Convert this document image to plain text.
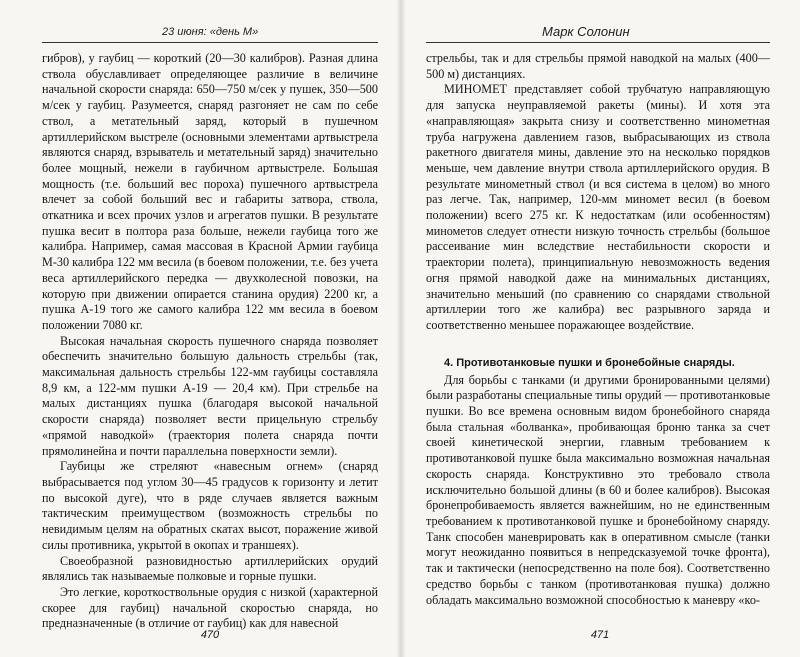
23 июня: «день М»

гибров), у гаубиц — короткий (20—30 калибров). Разная длина ствола обуславливает определяющее различие в величине начальной скорости снаряда: 650—750 м/сек у пушек, 350—500 м/сек у гаубиц. Разумеется, снаряд разгоняет не сам по себе ствол, а метательный заряд, который в пушечном артиллерийском выстреле (основными элементами артвыстрела являются снаряд, взрыватель и метательный заряд) значительно более мощный, нежели в гаубичном артвыстреле. Большая мощность (т.е. больший вес пороха) пушечного артвыстрела влечет за собой больший вес и габариты затвора, ствола, откатника и всех прочих узлов и агрегатов пушки. В результате пушка весит в полтора раза больше, нежели гаубица того же калибра. Например, самая массовая в Красной Армии гаубица М-30 калибра 122 мм весила (в боевом положении, т.е. без учета веса артиллерийского передка — двухколесной повозки, на которую при движении опирается станина орудия) 2200 кг, а пушка А-19 того же самого калибра 122 мм весила в боевом положении 7080 кг.

Высокая начальная скорость пушечного снаряда позволяет обеспечить значительно большую дальность стрельбы (так, максимальная дальность стрельбы 122-мм гаубицы составляла 8,9 км, а 122-мм пушки А-19 — 20,4 км). При стрельбе на малых дистанциях пушка (благодаря высокой начальной скорости снаряда) позволяет вести прицельную стрельбу «прямой наводкой» (траектория полета снаряда почти прямолинейна и почти параллельна поверхности земли).

Гаубицы же стреляют «навесным огнем» (снаряд выбрасывается под углом 30—45 градусов к горизонту и летит по высокой дуге), что в ряде случаев является важным тактическим преимуществом (возможность стрельбы по невидимым целям на обратных скатах высот, поражение живой силы противника, укрытой в окопах и траншеях).

Своеобразной разновидностью артиллерийских орудий являлись так называемые полковые и горные пушки.

Это легкие, короткоствольные орудия с низкой (характерной скорее для гаубиц) начальной скоростью снаряда, но предназначенные (в отличие от гаубиц) как для навесной

470
Марк Солонин

стрельбы, так и для стрельбы прямой наводкой на малых (400—500 м) дистанциях.

МИНОМЕТ представляет собой трубчатую направляющую для запуска неуправляемой ракеты (мины). И хотя эта «направляющая» закрыта снизу и соответственно минометная труба нагружена давлением газов, выбрасывающих из ствола ракетного двигателя мины, давление это на несколько порядков меньше, чем давление внутри ствола артиллерийского орудия. В результате минометный ствол (и вся система в целом) во много раз легче. Так, например, 120-мм миномет весил (в боевом положении) всего 275 кг. К недостаткам (или особенностям) минометов следует отнести низкую точность стрельбы (большое рассеивание мин вследствие нестабильности скорости и траектории полета), принципиальную невозможность ведения огня прямой наводкой даже на минимальных дистанциях, значительно меньший (по сравнению со снарядами ствольной артиллерии того же калибра) вес разрывного заряда и соответственно меньшее поражающее воздействие.

4. Противотанковые пушки и бронебойные снаряды.

Для борьбы с танками (и другими бронированными целями) были разработаны специальные типы орудий — противотанковые пушки. Во все времена основным видом бронебойного снаряда была стальная «болванка», пробивающая броню танка за счет своей кинетической энергии, главным требованием к противотанковой пушке была максимально возможная начальная скорость снаряда. Конструктивно это требовало ствола исключительно большой длины (в 60 и более калибров). Высокая бронепробиваемость является важнейшим, но не единственным требованием к противотанковой пушке и бронебойному снаряду. Танк способен маневрировать как в оперативном смысле (танки могут неожиданно появиться в непредсказуемой точке фронта), так и тактически (непосредственно на поле боя). Соответственно средство борьбы с танком (противотанковая пушка) должно обладать максимально возможной способностью к маневру «ко-

471
